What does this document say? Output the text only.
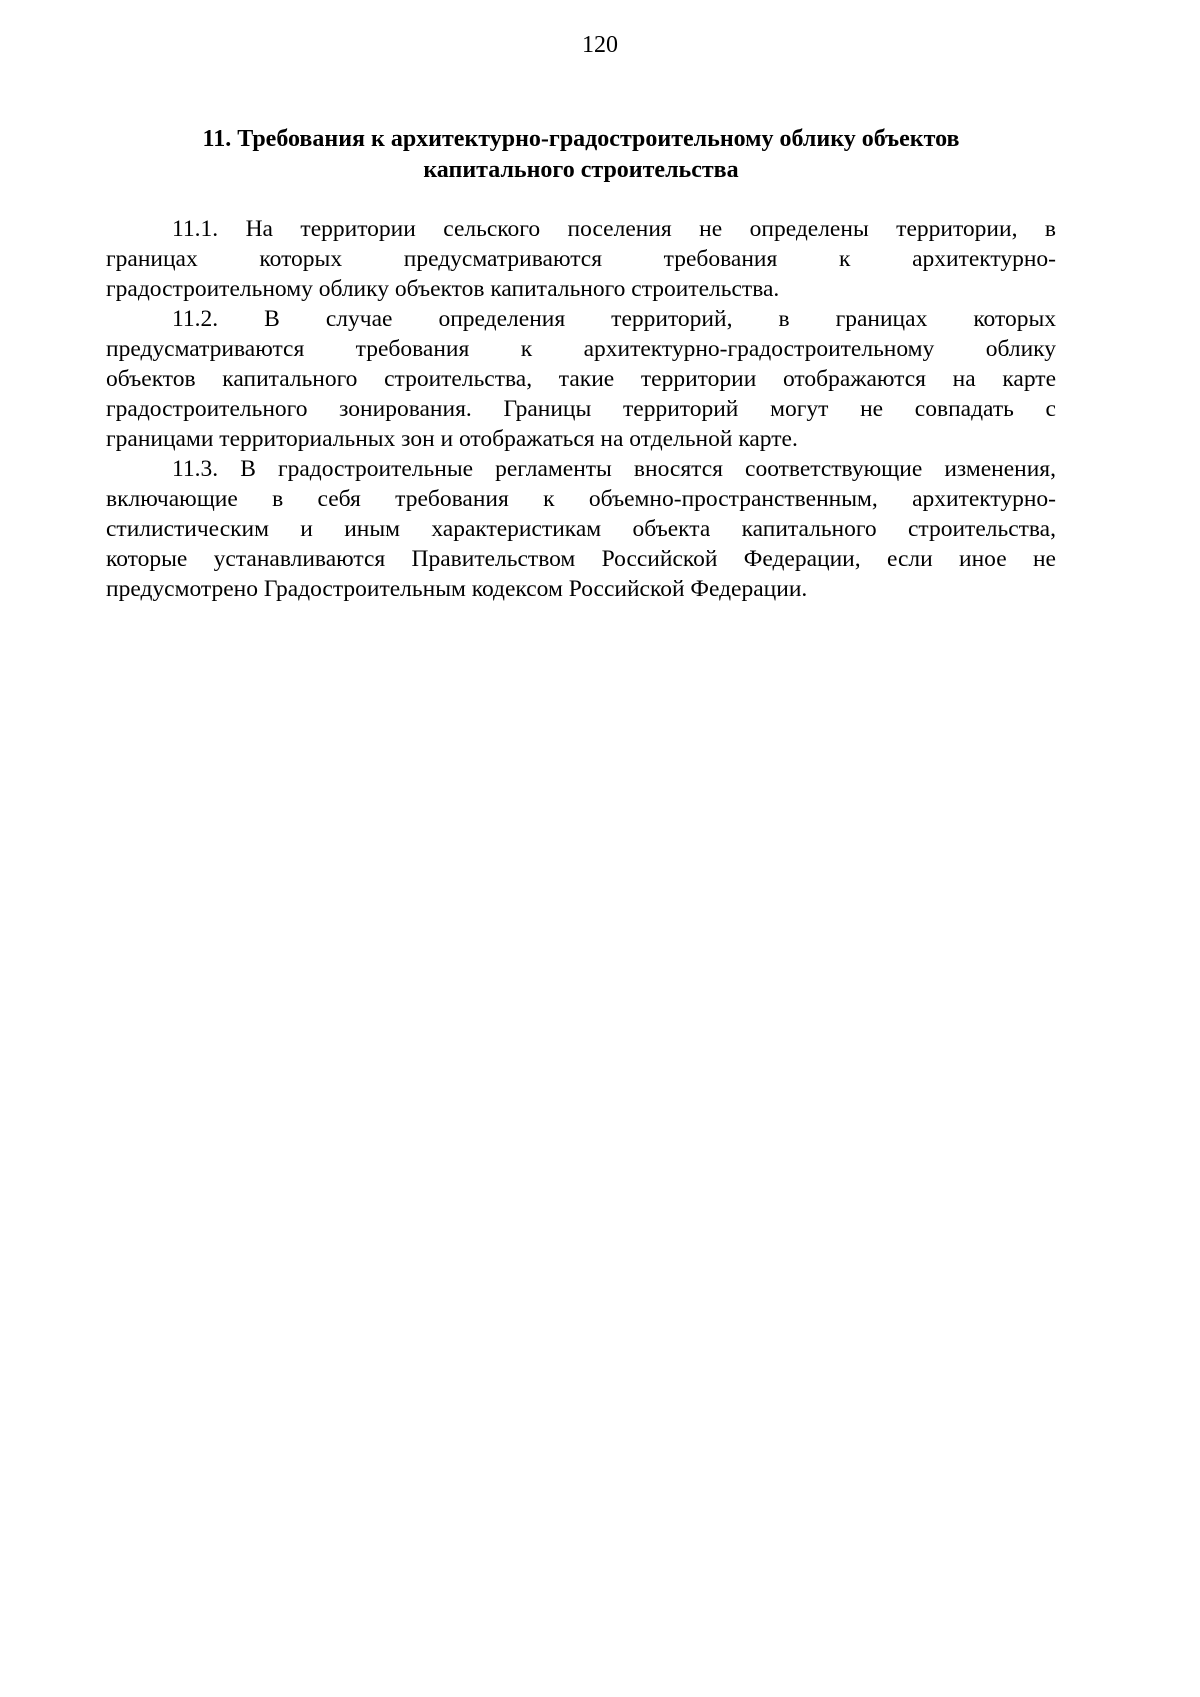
120
11. Требования к архитектурно-градостроительному облику объектов
капитального строительства
11.1. На территории сельского поселения не определены территории, в
границах которых предусматриваются требования к архитектурно-
градостроительному облику объектов капитального строительства.
11.2. В случае определения территорий, в границах которых
предусматриваются требования к архитектурно-градостроительному облику
объектов капитального строительства, такие территории отображаются на карте
градостроительного зонирования. Границы территорий могут не совпадать с
границами территориальных зон и отображаться на отдельной карте.
11.3. В градостроительные регламенты вносятся соответствующие изменения,
включающие в себя требования к объемно-пространственным, архитектурно-
стилистическим и иным характеристикам объекта капитального строительства,
которые устанавливаются Правительством Российской Федерации, если иное не
предусмотрено Градостроительным кодексом Российской Федерации.
